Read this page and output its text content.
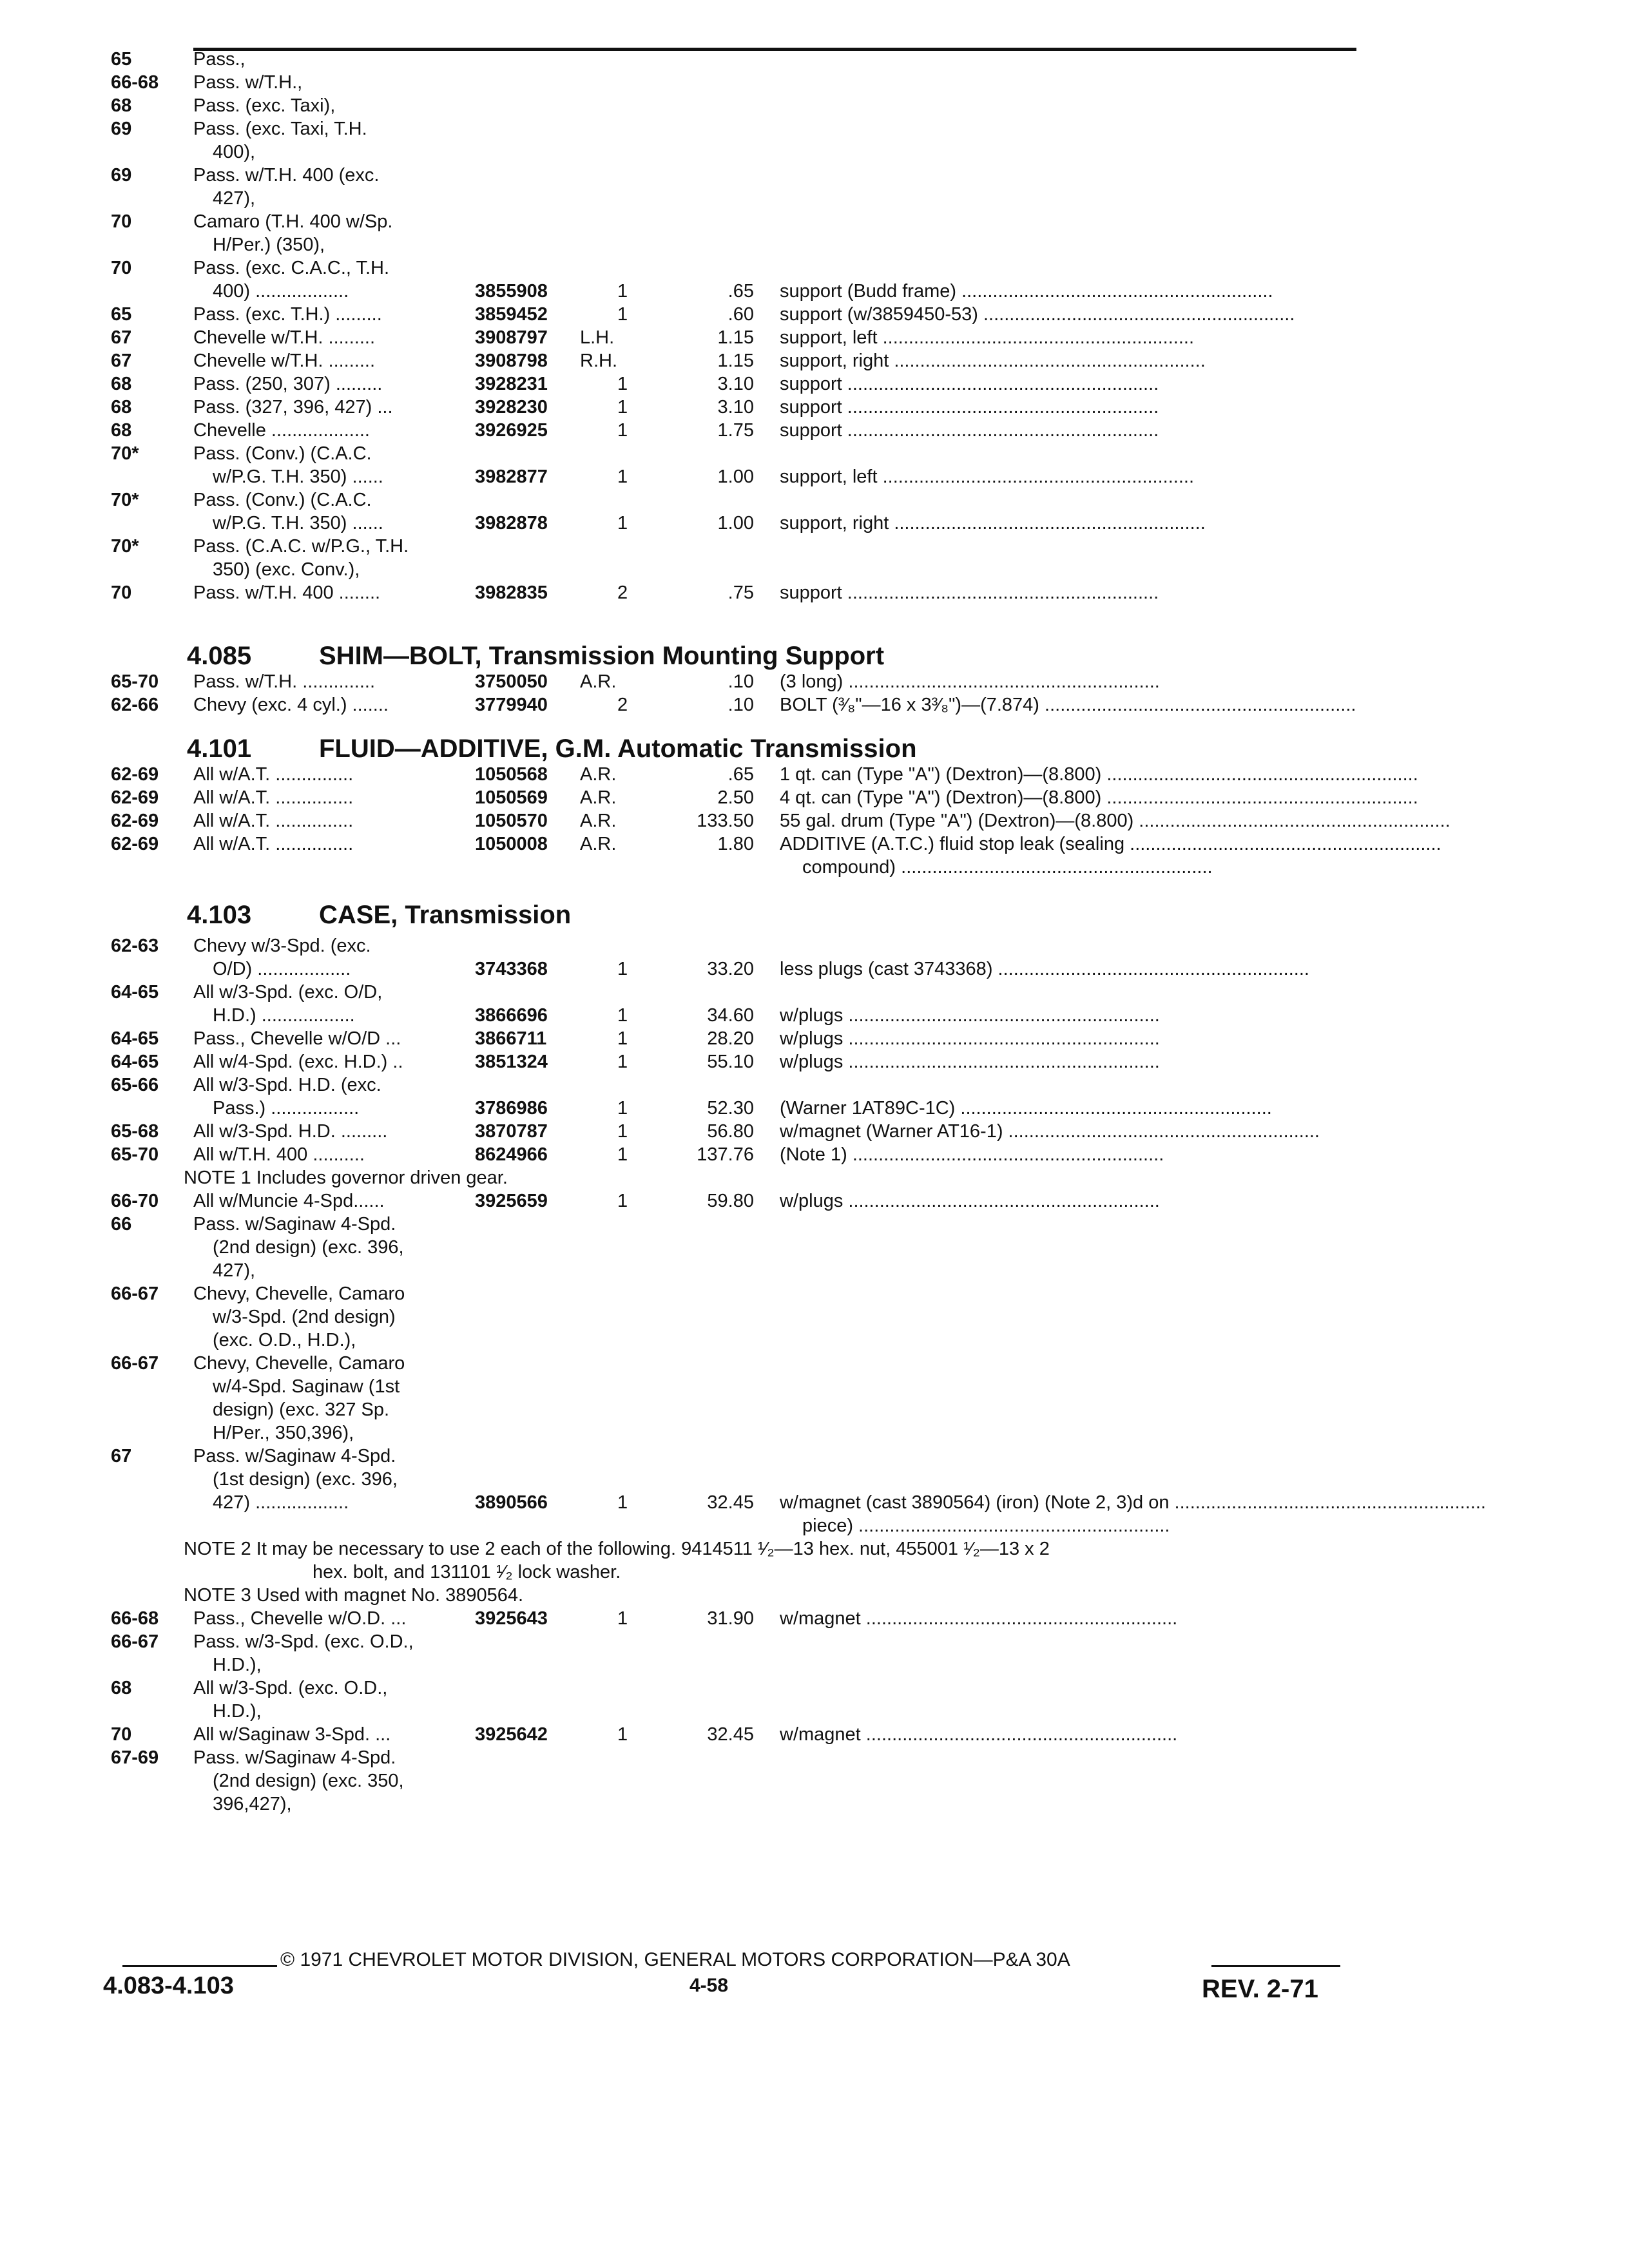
65	Pass.,
66-68 Pass. w/T.H.,
68	Pass. (exc. Taxi),
69	Pass. (exc. Taxi, T.H.
400),
69	Pass. w/T.H. 400 (exc.
427),
70	Camaro (T.H. 400 w/Sp.
H/Per.) (350),
70	Pass. (exc. C.A.C., T.H.
400) ..................	3855908	1	.65 support (Budd frame) .....
65	Pass. (exc. T.H.) .........	3859452	1	.60 support (w/3859450-53) .....
67	Chevelle w/T.H. .........	3908797 L.H.	1.15 support, left .....
67	Chevelle w/T.H. .........	3908798 R.H.	1.15 support, right .....
68	Pass. (250, 307) .........	3928231	1	3.10 support .....
68	Pass. (327, 396, 427) ...	3928230	1	3.10 support .....
68	Chevelle ...................	3926925	1	1.75 support .....
70*	Pass. (Conv.) (C.A.C.
w/P.G. T.H. 350) ......	3982877	1	1.00 support, left .....
70*	Pass. (Conv.) (C.A.C.
w/P.G. T.H. 350) ......	3982878	1	1.00 support, right .....
70*	Pass. (C.A.C. w/P.G., T.H.
350) (exc. Conv.),
70	Pass. w/T.H. 400 ........	3982835	2	.75 support .....
65-70 Pass. w/T.H. ..............	3750050 A.R.	.10 (3 long) .....
62-66 Chevy (exc. 4 cyl.) .......	3779940	2	.10 BOLT (³⁄₈"—16 x 3³⁄₈")—(7.874) .....
62-69 All w/A.T. ...............	1050568 A.R.	.65 1 qt. can (Type "A") (Dextron)—(8.800) .....
62-69 All w/A.T. ...............	1050569 A.R.	2.50 4 qt. can (Type "A") (Dextron)—(8.800) .....
62-69 All w/A.T. ...............	1050570 A.R.	133.50 55 gal. drum (Type "A") (Dextron)—(8.800) .....
62-69 All w/A.T. ...............	1050008 A.R.	1.80 ADDITIVE (A.T.C.) fluid stop leak (sealing .....
compound) .....
62-63 Chevy w/3-Spd. (exc.
O/D) ..................	3743368	1	33.20 less plugs (cast 3743368) .....
64-65 All w/3-Spd. (exc. O/D,
H.D.) ..................	3866696	1	34.60 w/plugs .....
64-65 Pass., Chevelle w/O/D ...	3866711	1	28.20 w/plugs .....
64-65 All w/4-Spd. (exc. H.D.) ..	3851324	1	55.10 w/plugs .....
65-66 All w/3-Spd. H.D. (exc.
Pass.) .................	3786986	1	52.30 (Warner 1AT89C-1C) .....
65-68 All w/3-Spd. H.D. .........	3870787	1	56.80 w/magnet (Warner AT16-1) .....
65-70 All w/T.H. 400 ..........	8624966	1	137.76 (Note 1) .....
NOTE 1 Includes governor driven gear.
66-70 All w/Muncie 4-Spd......	3925659	1	59.80 w/plugs .....
66	Pass. w/Saginaw 4-Spd.
(2nd design) (exc. 396,
427),
66-67 Chevy, Chevelle, Camaro
w/3-Spd. (2nd design)
(exc. O.D., H.D.),
66-67 Chevy, Chevelle, Camaro
w/4-Spd. Saginaw (1st
design) (exc. 327 Sp.
H/Per., 350,396),
67	Pass. w/Saginaw 4-Spd.
(1st design) (exc. 396,
427) ..................	3890566	1	32.45 w/magnet (cast 3890564) (iron) (Note 2, 3)d on .....
piece) .....
NOTE 2 It may be necessary to use 2 each of the following. 9414511 ¹⁄₂—13 hex. nut, 455001 ¹⁄₂—13 x 2
hex. bolt, and 131101 ¹⁄₂ lock washer.
NOTE 3 Used with magnet No. 3890564.
66-68 Pass., Chevelle w/O.D. ...	3925643	1	31.90 w/magnet .....
66-67 Pass. w/3-Spd. (exc. O.D.,
H.D.),
68	All w/3-Spd. (exc. O.D.,
H.D.),
70	All w/Saginaw 3-Spd. ...	3925642	1	32.45 w/magnet .....
67-69 Pass. w/Saginaw 4-Spd.
(2nd design) (exc. 350,
396,427),
4.085	SHIM—BOLT, Transmission Mounting Support
4.101	FLUID—ADDITIVE, G.M. Automatic Transmission
4.103	CASE, Transmission
© 1971 CHEVROLET MOTOR DIVISION, GENERAL MOTORS CORPORATION—P&A 30A
4.083-4.103	4-58	REV. 2-71
